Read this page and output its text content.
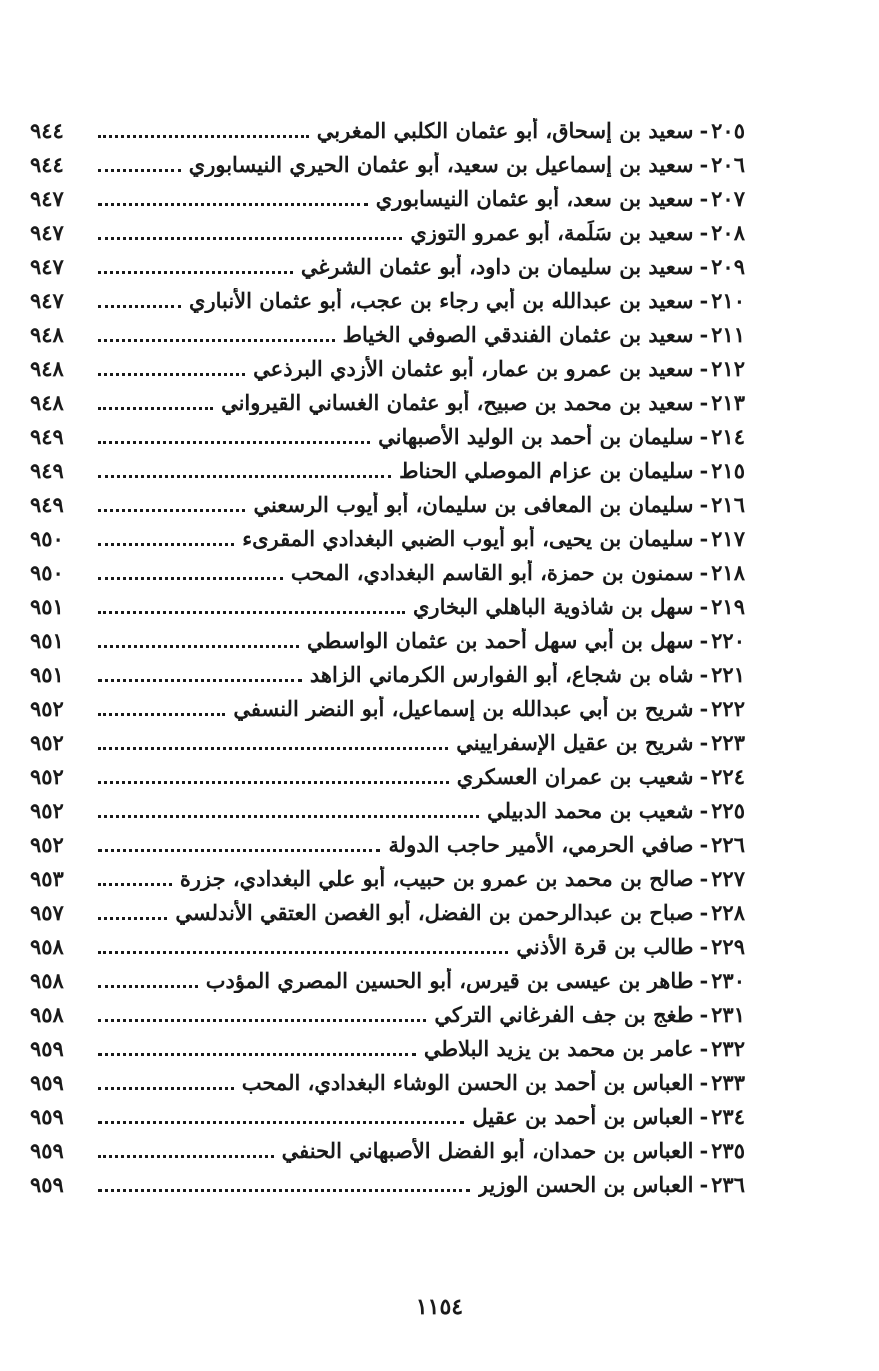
٢٠٥
-
سعيد بن إسحاق، أبو عثمان الكلبي المغربي
٩٤٤
٢٠٦
-
سعيد بن إسماعيل بن سعيد، أبو عثمان الحيري النيسابوري
٩٤٤
٢٠٧
-
سعيد بن سعد، أبو عثمان النيسابوري
٩٤٧
٢٠٨
-
سعيد بن سَلَمة، أبو عمرو التوزي
٩٤٧
٢٠٩
-
سعيد بن سليمان بن داود، أبو عثمان الشرغي
٩٤٧
٢١٠
-
سعيد بن عبدالله بن أبي رجاء بن عجب، أبو عثمان الأنباري
٩٤٧
٢١١
-
سعيد بن عثمان الفندقي الصوفي الخياط
٩٤٨
٢١٢
-
سعيد بن عمرو بن عمار، أبو عثمان الأزدي البرذعي
٩٤٨
٢١٣
-
سعيد بن محمد بن صبيح، أبو عثمان الغساني القيرواني
٩٤٨
٢١٤
-
سليمان بن أحمد بن الوليد الأصبهاني
٩٤٩
٢١٥
-
سليمان بن عزام الموصلي الحناط
٩٤٩
٢١٦
-
سليمان بن المعافى بن سليمان، أبو أيوب الرسعني
٩٤٩
٢١٧
-
سليمان بن يحيى، أبو أيوب الضبي البغدادي المقرىء
٩٥٠
٢١٨
-
سمنون بن حمزة، أبو القاسم البغدادي، المحب
٩٥٠
٢١٩
-
سهل بن شاذوية الباهلي البخاري
٩٥١
٢٢٠
-
سهل بن أبي سهل أحمد بن عثمان الواسطي
٩٥١
٢٢١
-
شاه بن شجاع، أبو الفوارس الكرماني الزاهد
٩٥١
٢٢٢
-
شريح بن أبي عبدالله بن إسماعيل، أبو النضر النسفي
٩٥٢
٢٢٣
-
شريح بن عقيل الإسفراييني
٩٥٢
٢٢٤
-
شعيب بن عمران العسكري
٩٥٢
٢٢٥
-
شعيب بن محمد الدبيلي
٩٥٢
٢٢٦
-
صافي الحرمي، الأمير حاجب الدولة
٩٥٢
٢٢٧
-
صالح بن محمد بن عمرو بن حبيب، أبو علي البغدادي، جزرة
٩٥٣
٢٢٨
-
صباح بن عبدالرحمن بن الفضل، أبو الغصن العتقي الأندلسي
٩٥٧
٢٢٩
-
طالب بن قرة الأذني
٩٥٨
٢٣٠
-
طاهر بن عيسى بن قيرس، أبو الحسين المصري المؤدب
٩٥٨
٢٣١
-
طغج بن جف الفرغاني التركي
٩٥٨
٢٣٢
-
عامر بن محمد بن يزيد البلاطي
٩٥٩
٢٣٣
-
العباس بن أحمد بن الحسن الوشاء البغدادي، المحب
٩٥٩
٢٣٤
-
العباس بن أحمد بن عقيل
٩٥٩
٢٣٥
-
العباس بن حمدان، أبو الفضل الأصبهاني الحنفي
٩٥٩
٢٣٦
-
العباس بن الحسن الوزير
٩٥٩
١١٥٤
